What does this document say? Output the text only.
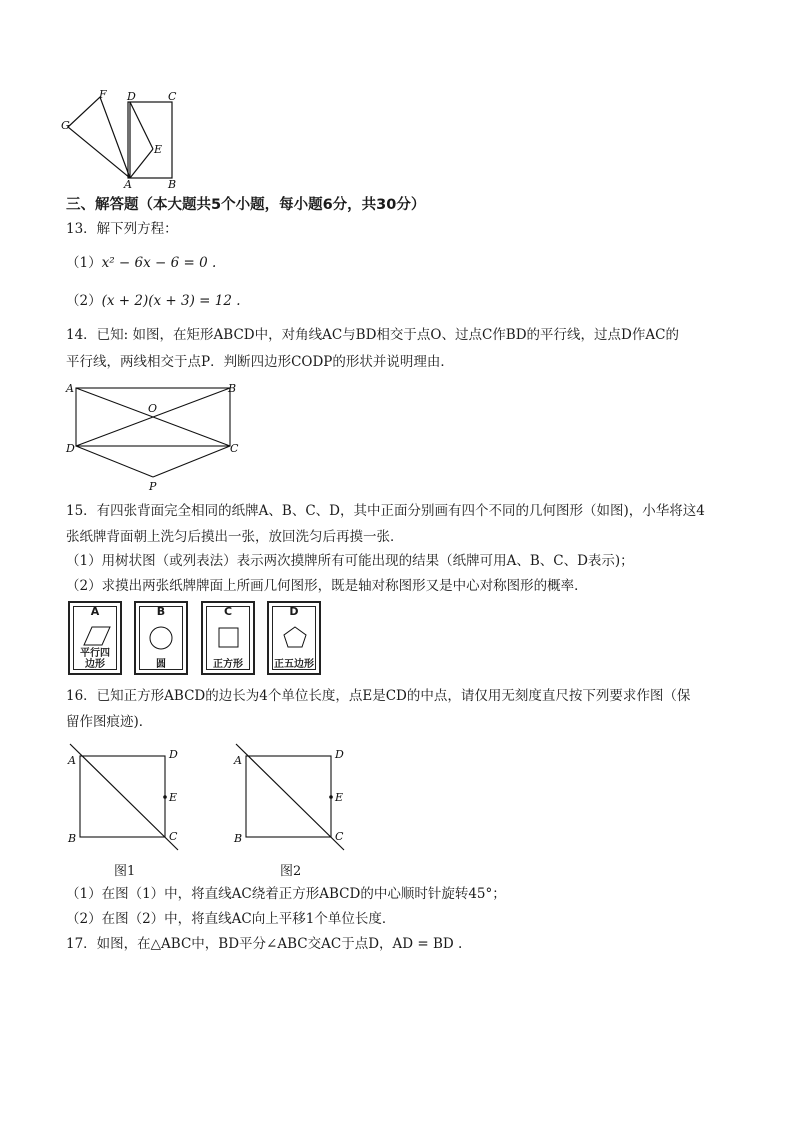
F D	C
G
E
A	B
三、解答题（本大题共5个小题，每小题6分，共30分）
13．解下列方程：
（1）x² − 6x − 6 = 0 .
（2）(x + 2)(x + 3) = 12 .
14．已知: 如图，在矩形ABCD中，对角线AC与BD相交于点O、过点C作BD的平行线，过点D作AC的
平行线，两线相交于点P．判断四边形CODP的形状并说明理由．
A	B
O
D	C
P
15．有四张背面完全相同的纸牌A、B、C、D，其中正面分别画有四个不同的几何图形（如图)，小华将这4
张纸牌背面朝上洗匀后摸出一张，放回洗匀后再摸一张．
（1）用树状图（或列表法）表示两次摸牌所有可能出现的结果（纸牌可用A、B、C、D表示)；
（2）求摸出两张纸牌牌面上所画几何图形，既是轴对称图形又是中心对称图形的概率．
A
平行四
边形
B
圆
C
正方形
D
正五边形
16．已知正方形ABCD的边长为4个单位长度，点E是CD的中点，请仅用无刻度直尺按下列要求作图（保
留作图痕迹)．
A	D
E
B	C
图1
A	D
E
B	C
图2
（1）在图（1）中，将直线AC绕着正方形ABCD的中心顺时针旋转45°；
（2）在图（2）中，将直线AC向上平移1个单位长度．
17．如图，在△ABC中，BD平分∠ABC交AC于点D，AD = BD .
